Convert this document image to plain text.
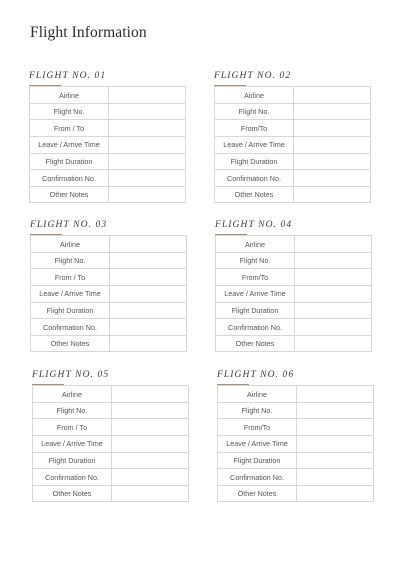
Flight Information
FLIGHT NO. 01
Airline	
Flight No.	
From / To	
Leave / Arrive Time	
Flight Duration	
Confirmation No.	
Other Notes	
FLIGHT NO. 02
Airline	
Flight No.	
From/To	
Leave / Arrive Time	
Flight Duration	
Confirmation No.	
Other Notes	
FLIGHT NO. 03
Airline	
Flight No.	
From / To	
Leave / Arrive Time	
Flight Duration	
Confirmation No.	
Other Notes	
FLIGHT NO. 04
Airline	
Flight No.	
From/To	
Leave / Arrive Time	
Flight Duration	
Confirmation No.	
Other Notes	
FLIGHT NO. 05
Airline	
Flight No.	
From / To	
Leave / Arrive Time	
Flight Duration	
Confirmation No.	
Other Notes	
FLIGHT NO. 06
Airline	
Flight No.	
From/To	
Leave / Arrive Time	
Flight Duration	
Confirmation No.	
Other Notes	
